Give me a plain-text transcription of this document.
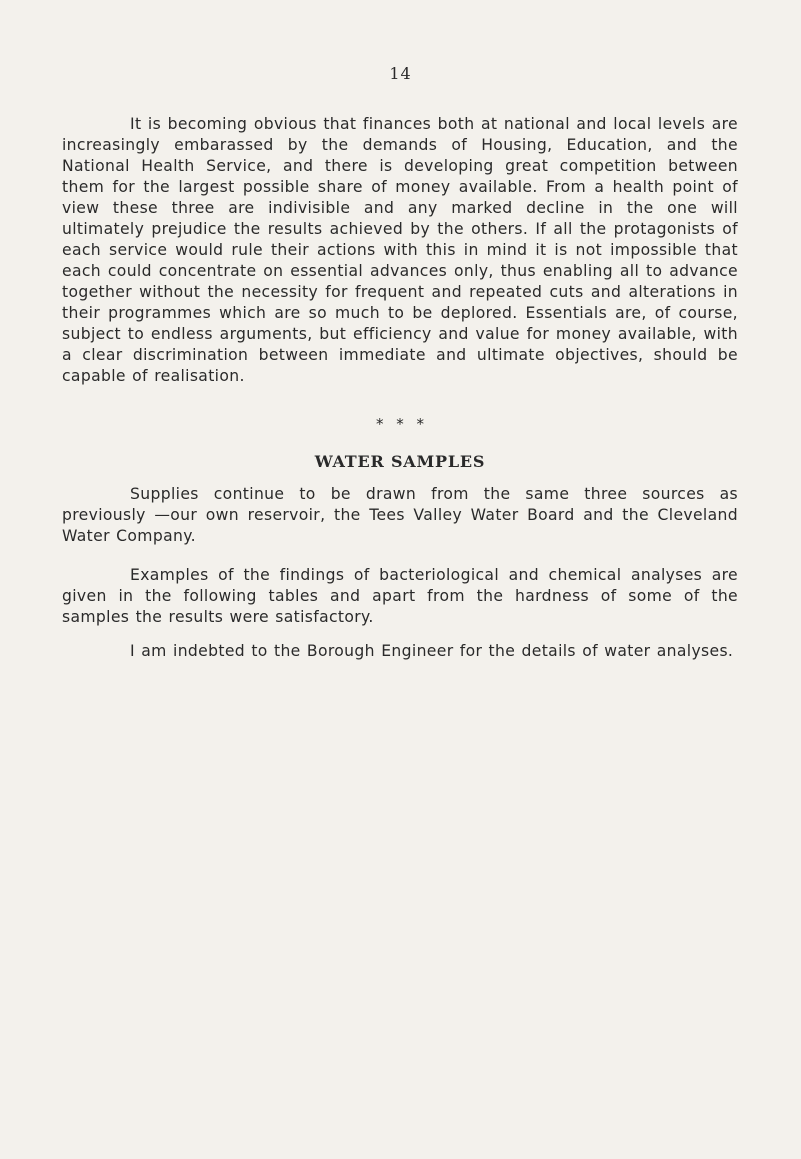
14

It is becoming obvious that finances both at national and local levels are increasingly embarassed by the demands of Housing, Education, and the National Health Service, and there is developing great competition between them for the largest possible share of money available. From a health point of view these three are indivisible and any marked decline in the one will ultimately prejudice the results achieved by the others. If all the protagonists of each service would rule their actions with this in mind it is not impossible that each could concentrate on essential advances only, thus enabling all to advance together without the necessity for frequent and repeated cuts and alterations in their programmes which are so much to be deplored. Essentials are, of course, subject to endless arguments, but efficiency and value for money available, with a clear discrimination between immediate and ultimate objectives, should be capable of realisation.

* * *
WATER SAMPLES

Supplies continue to be drawn from the same three sources as previously —our own reservoir, the Tees Valley Water Board and the Cleveland Water Company.

Examples of the findings of bacteriological and chemical analyses are given in the following tables and apart from the hardness of some of the samples the results were satisfactory.

I am indebted to the Borough Engineer for the details of water analyses.
